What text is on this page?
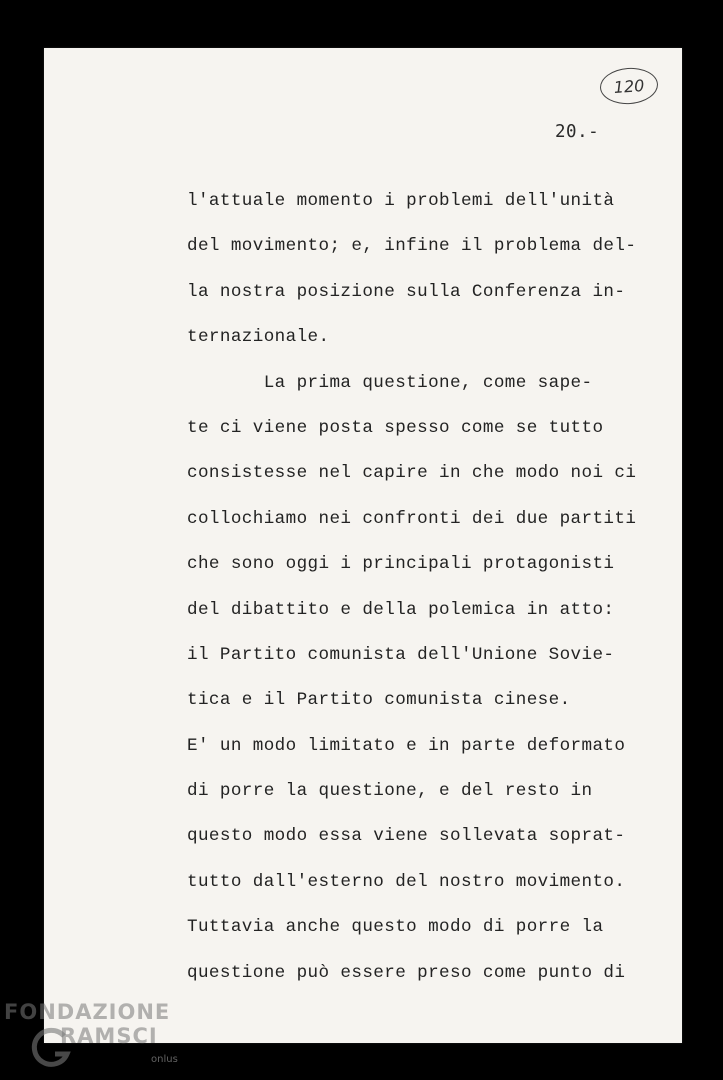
120
20.-
l'attuale momento i problemi dell'unità
del movimento; e, infine il problema del-
la nostra posizione sulla Conferenza in-
ternazionale.
La prima questione, come sape-
te ci viene posta spesso come se tutto
consistesse nel capire in che modo noi ci
collochiamo nei confronti dei due partiti
che sono oggi i principali protagonisti
del dibattito e della polemica in atto:
il Partito comunista dell'Unione Sovie-
tica e il Partito comunista cinese.
E' un modo limitato e in parte deformato
di porre la questione, e del resto in
questo modo essa viene sollevata soprat-
tutto dall'esterno del nostro movimento.
Tuttavia anche questo modo di porre la
questione può essere preso come punto di
FONDAZIONE
RAMSCI
onlus
